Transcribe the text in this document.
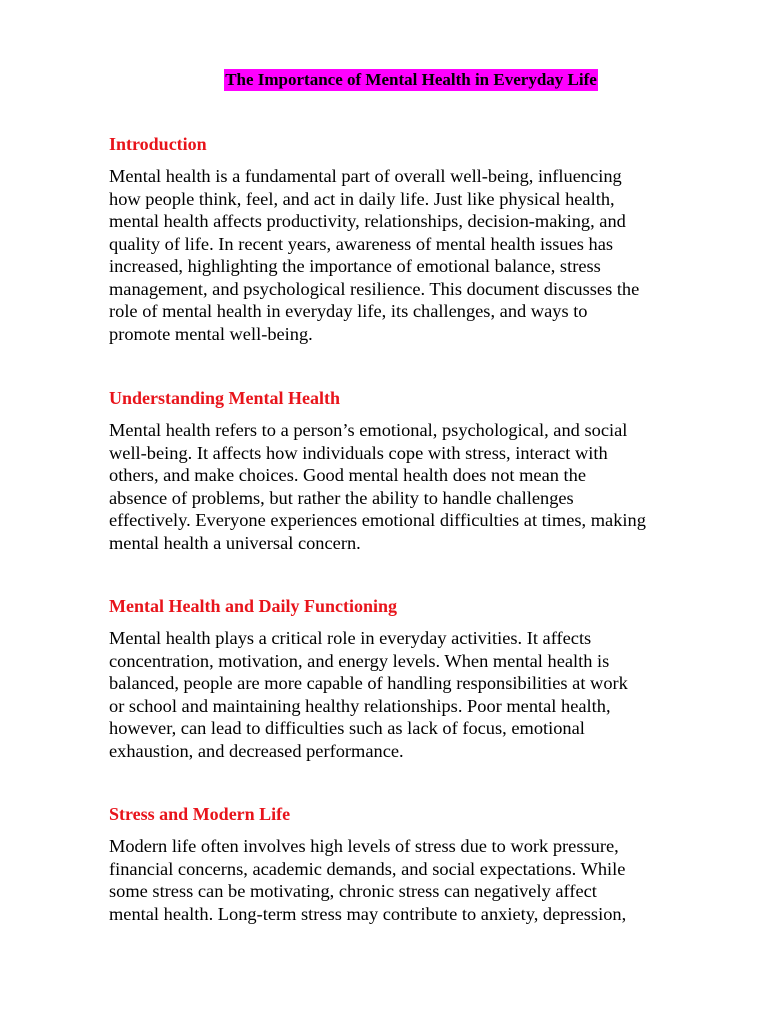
The Importance of Mental Health in Everyday Life
Introduction

Mental health is a fundamental part of overall well-being, influencing
how people think, feel, and act in daily life. Just like physical health,
mental health affects productivity, relationships, decision-making, and
quality of life. In recent years, awareness of mental health issues has
increased, highlighting the importance of emotional balance, stress
management, and psychological resilience. This document discusses the
role of mental health in everyday life, its challenges, and ways to
promote mental well-being.

Understanding Mental Health

Mental health refers to a person’s emotional, psychological, and social
well-being. It affects how individuals cope with stress, interact with
others, and make choices. Good mental health does not mean the
absence of problems, but rather the ability to handle challenges
effectively. Everyone experiences emotional difficulties at times, making
mental health a universal concern.

Mental Health and Daily Functioning

Mental health plays a critical role in everyday activities. It affects
concentration, motivation, and energy levels. When mental health is
balanced, people are more capable of handling responsibilities at work
or school and maintaining healthy relationships. Poor mental health,
however, can lead to difficulties such as lack of focus, emotional
exhaustion, and decreased performance.

Stress and Modern Life

Modern life often involves high levels of stress due to work pressure,
financial concerns, academic demands, and social expectations. While
some stress can be motivating, chronic stress can negatively affect
mental health. Long-term stress may contribute to anxiety, depression,
